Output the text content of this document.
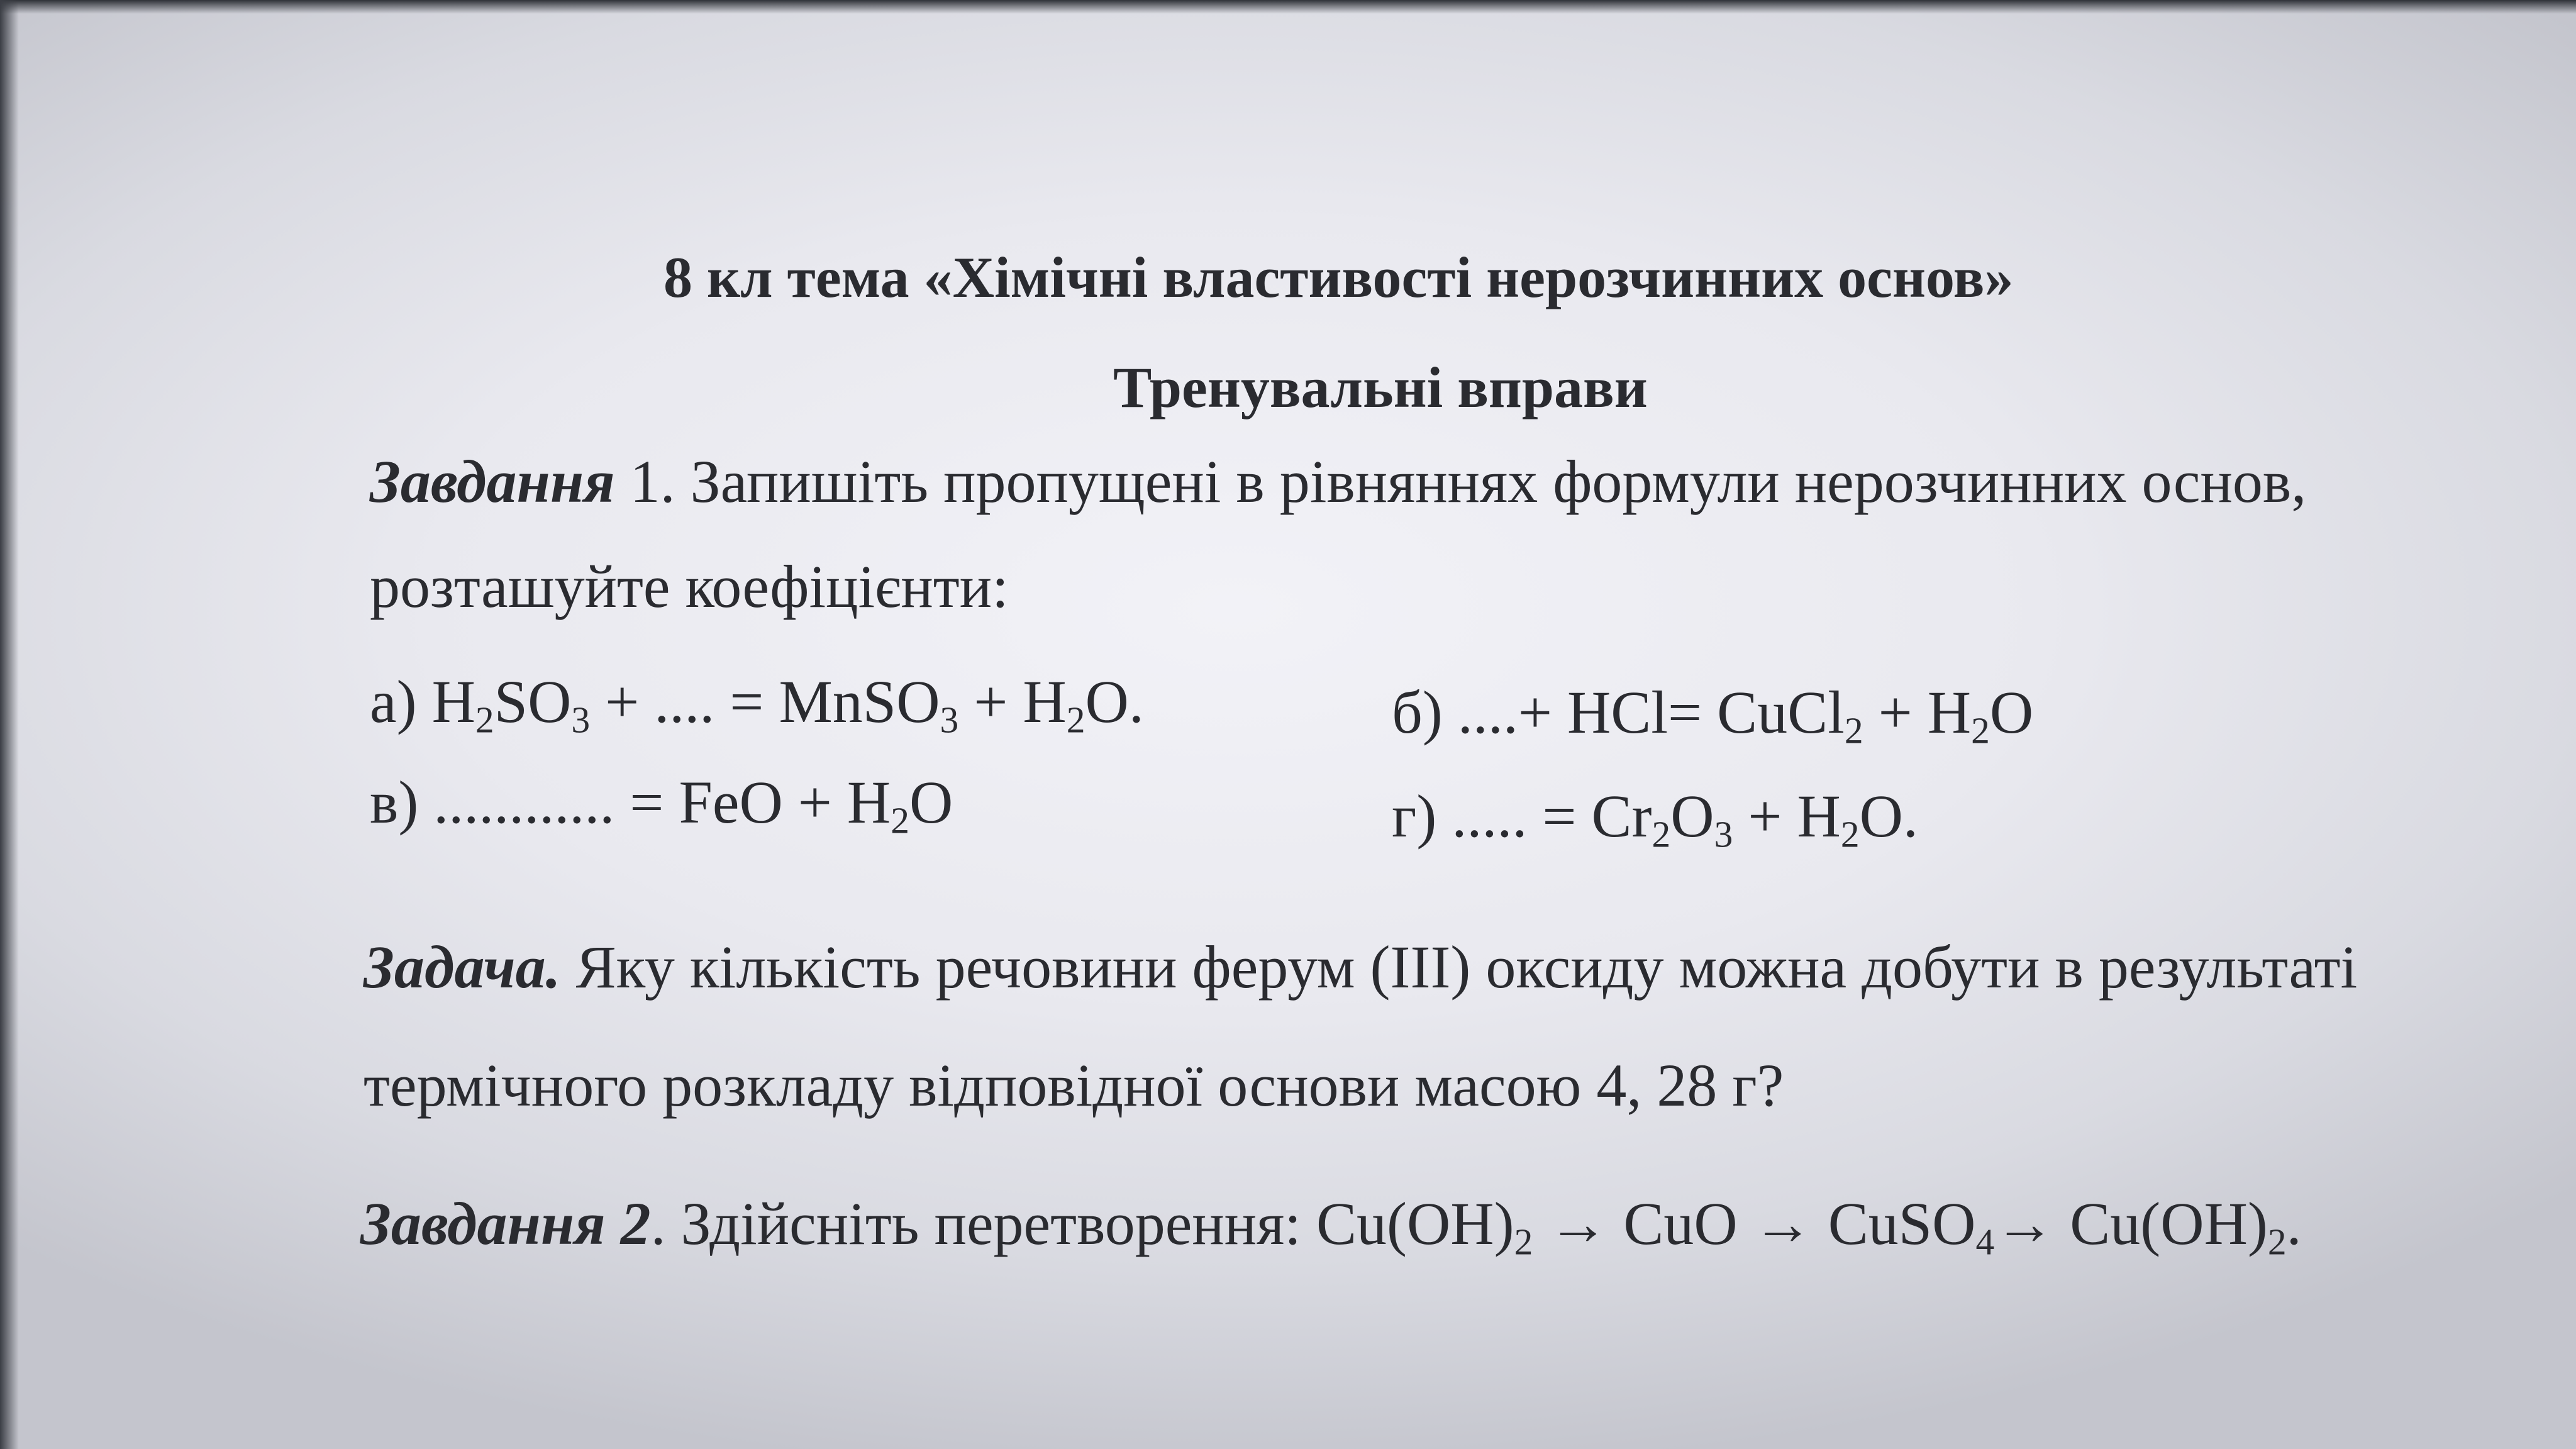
8 кл тема «Хімічні властивості нерозчинних основ»
Тренувальні вправи
Завдання 1. Запишіть пропущені в рівняннях формули нерозчинних основ,
розташуйте коефіцієнти:
а) $H_2SO_3$ + .... = MnSO$_3$ + $H_2O$.	б) ....+ HCl= CuCl$_2$ + $H_2O$
в) ............ = FeO + $H_2O$	г) ..... = $Cr_2O_3 + H_2O$.
Задача. Яку кількість речовини ферум (III) оксиду можна добути в результаті
термічного розкладу відповідної основи масою 4, 28 г?
Завдання 2. Здійсніть перетворення: $Cu(OH)_2$ → CuO → CuSO$_4$→ $Cu(OH)_2$.
